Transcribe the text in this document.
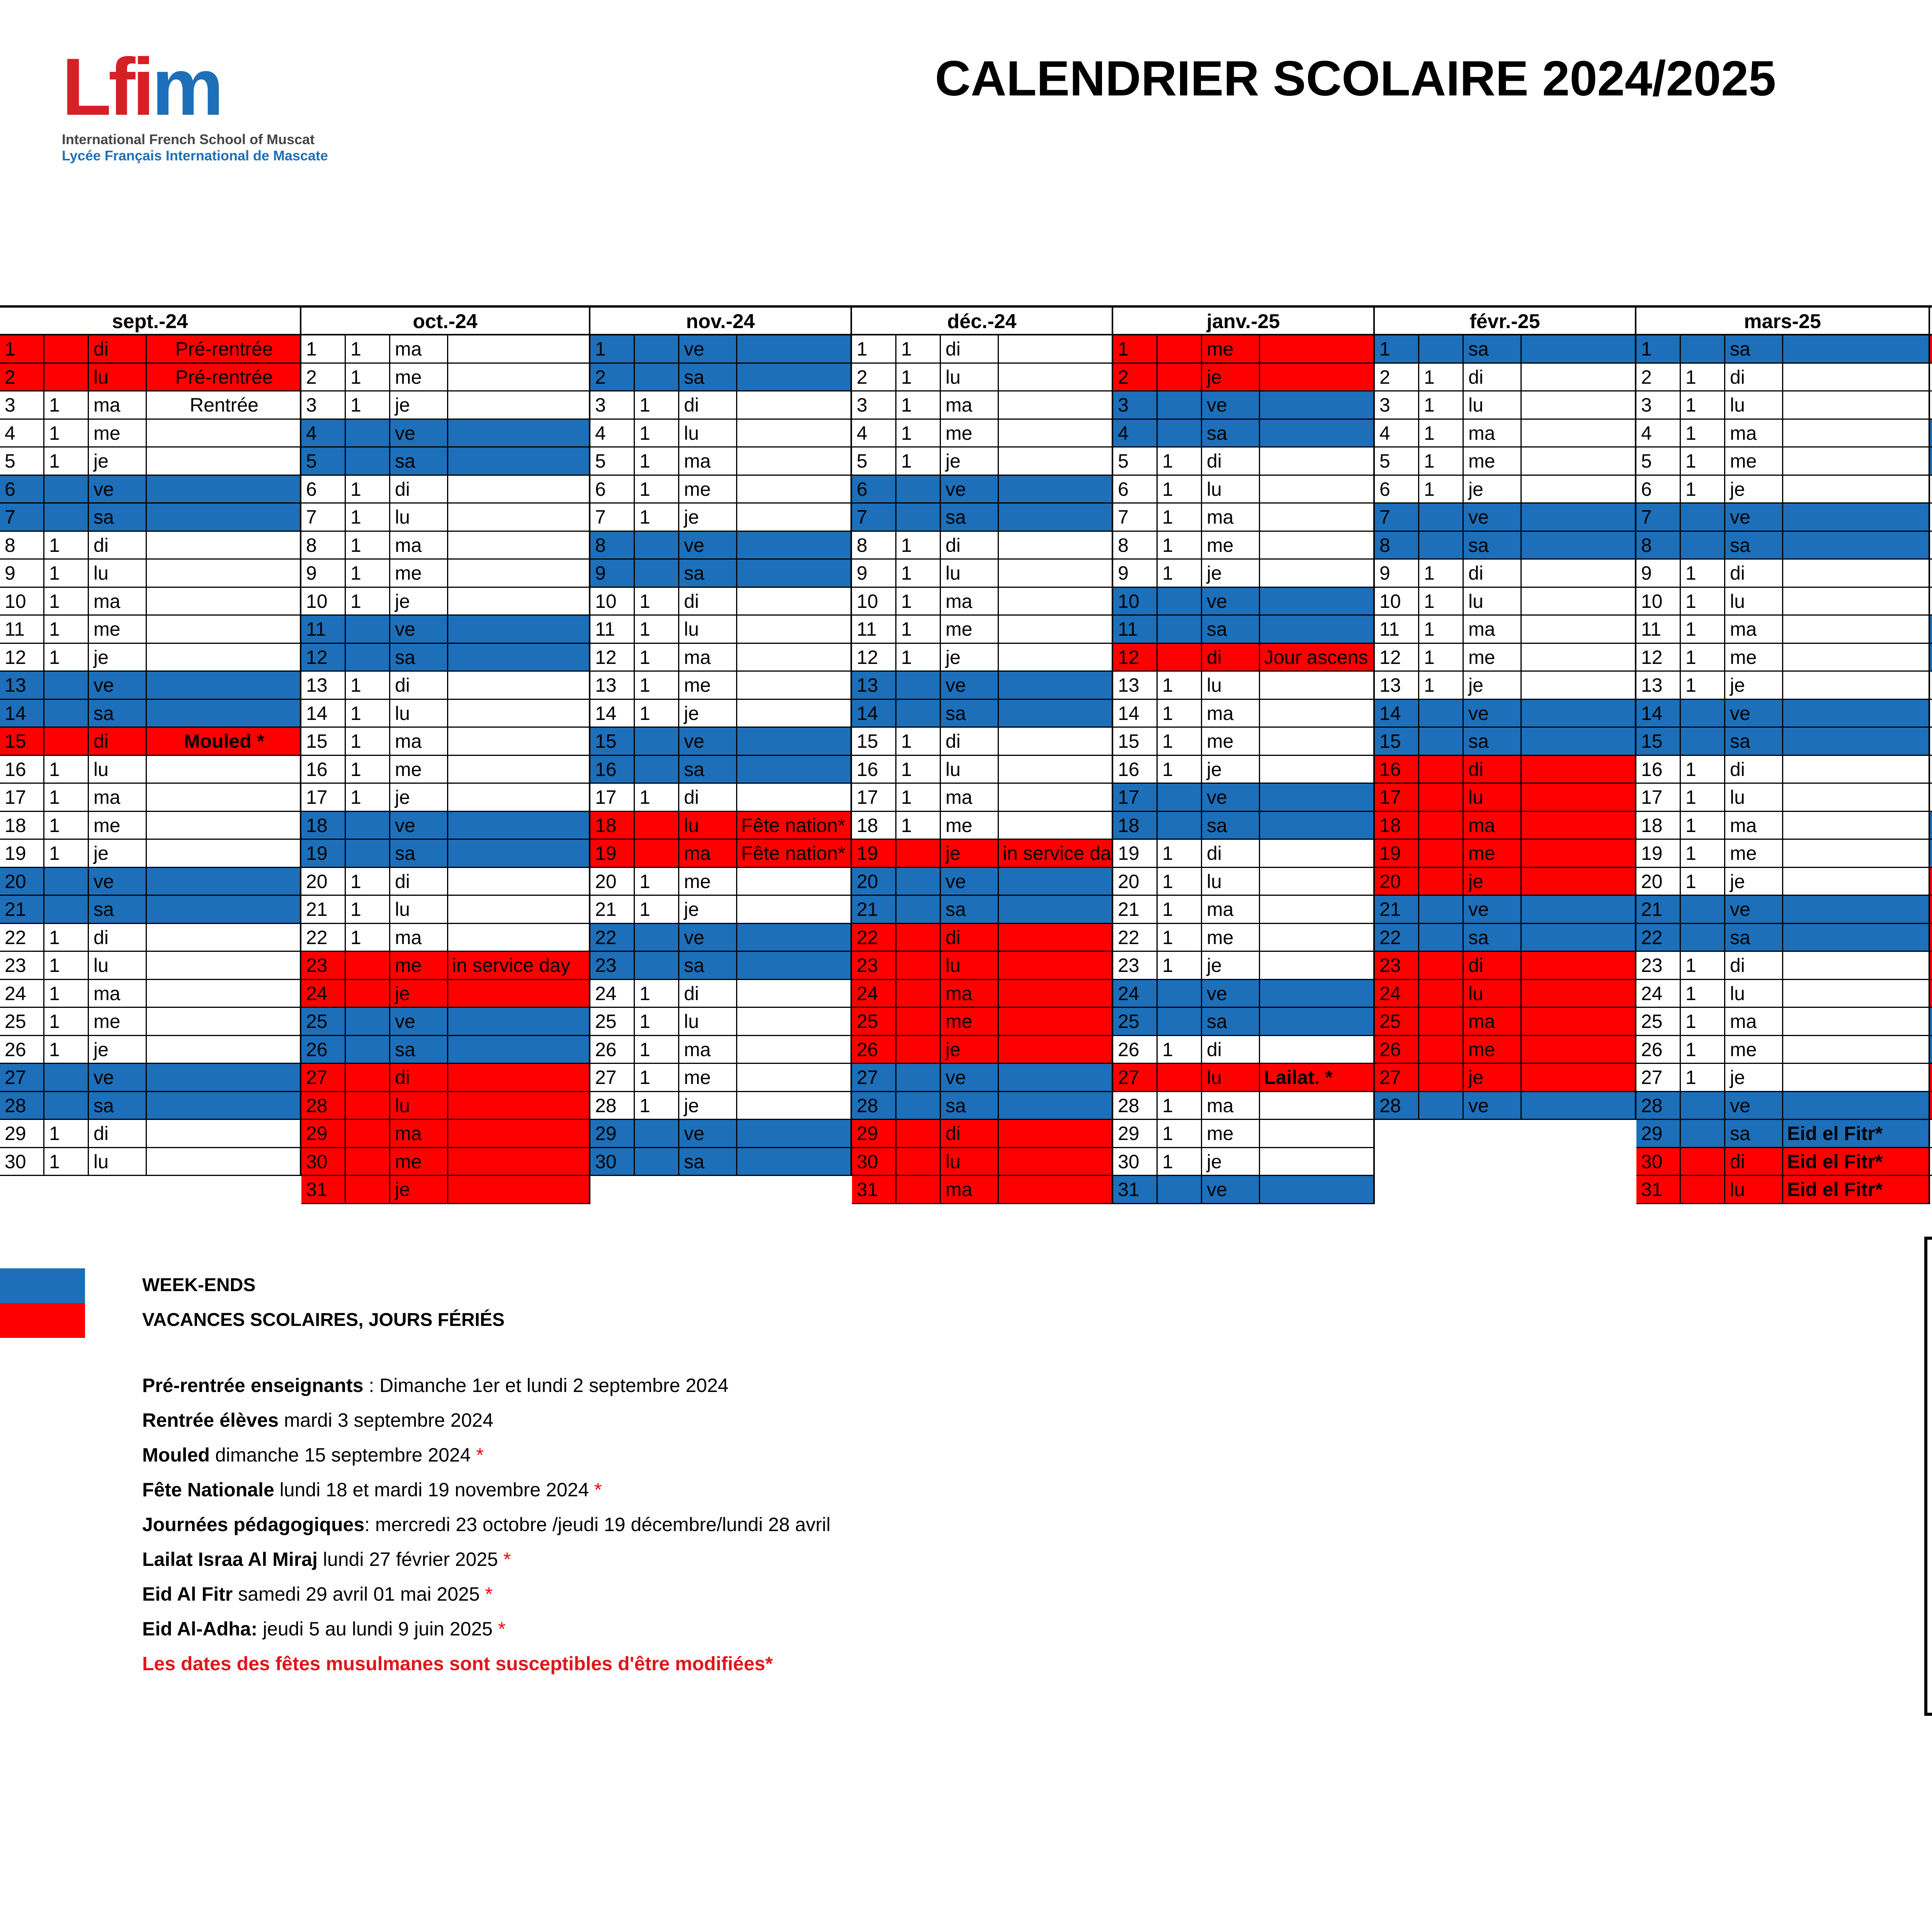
Lfim
International French School of Muscat
Lycée Français International de Mascate
CALENDRIER SCOLAIRE 2024/2025
sept.-24
1	di	Pré-rentrée
2	lu	Pré-rentrée
3	1	ma	Rentrée
4	1	me
5	1	je
6	ve
7	sa
8	1	di
9	1	lu
10	1	ma
11	1	me
12	1	je
13	ve
14	sa
15	di	Mouled *
16	1	lu
17	1	ma
18	1	me
19	1	je
20	ve
21	sa
22	1	di
23	1	lu
24	1	ma
25	1	me
26	1	je
27	ve
28	sa
29	1	di
30	1	lu
oct.-24
1	1	ma
2	1	me
3	1	je
4	ve
5	sa
6	1	di
7	1	lu
8	1	ma
9	1	me
10	1	je
11	ve
12	sa
13	1	di
14	1	lu
15	1	ma
16	1	me
17	1	je
18	ve
19	sa
20	1	di
21	1	lu
22	1	ma
23	me	in service day
24	je
25	ve
26	sa
27	di
28	lu
29	ma
30	me
31	je
nov.-24
1	ve
2	sa
3	1	di
4	1	lu
5	1	ma
6	1	me
7	1	je
8	ve
9	sa
10	1	di
11	1	lu
12	1	ma
13	1	me
14	1	je
15	ve
16	sa
17	1	di
18	lu	Fête nation*
19	ma	Fête nation*
20	1	me
21	1	je
22	ve
23	sa
24	1	di
25	1	lu
26	1	ma
27	1	me
28	1	je
29	ve
30	sa
déc.-24
1	1	di
2	1	lu
3	1	ma
4	1	me
5	1	je
6	ve
7	sa
8	1	di
9	1	lu
10	1	ma
11	1	me
12	1	je
13	ve
14	sa
15	1	di
16	1	lu
17	1	ma
18	1	me
19	je	in service da
20	ve
21	sa
22	di
23	lu
24	ma
25	me
26	je
27	ve
28	sa
29	di
30	lu
31	ma
janv.-25
1	me
2	je
3	ve
4	sa
5	1	di
6	1	lu
7	1	ma
8	1	me
9	1	je
10	ve
11	sa
12	di	Jour ascens
13	1	lu
14	1	ma
15	1	me
16	1	je
17	ve
18	sa
19	1	di
20	1	lu
21	1	ma
22	1	me
23	1	je
24	ve
25	sa
26	1	di
27	lu	Lailat. *
28	1	ma
29	1	me
30	1	je
31	ve
févr.-25
1	sa
2	1	di
3	1	lu
4	1	ma
5	1	me
6	1	je
7	ve
8	sa
9	1	di
10	1	lu
11	1	ma
12	1	me
13	1	je
14	ve
15	sa
16	di
17	lu
18	ma
19	me
20	je
21	ve
22	sa
23	di
24	lu
25	ma
26	me
27	je
28	ve
mars-25
1	sa
2	1	di
3	1	lu
4	1	ma
5	1	me
6	1	je
7	ve
8	sa
9	1	di
10	1	lu
11	1	ma
12	1	me
13	1	je
14	ve
15	sa
16	1	di
17	1	lu
18	1	ma
19	1	me
20	1	je
21	ve
22	sa
23	1	di
24	1	lu
25	1	ma
26	1	me
27	1	je
28	ve
29	sa	Eid el Fitr*
30	di	Eid el Fitr*
31	lu	Eid el Fitr*
WEEK-ENDS
VACANCES SCOLAIRES, JOURS FÉRIÉS
Pré-rentrée enseignants : Dimanche 1er et lundi 2 septembre 2024
Rentrée élèves mardi 3 septembre 2024
Mouled dimanche 15 septembre 2024 *
Fête Nationale lundi 18 et mardi 19 novembre 2024 *
Journées pédagogiques: mercredi 23 octobre /jeudi 19 décembre/lundi 28 avril
Lailat Israa Al Miraj lundi 27 février 2025 *
Eid Al Fitr samedi 29 avril 01 mai 2025 *
Eid Al-Adha: jeudi 5 au lundi 9 juin 2025 *
Les dates des fêtes musulmanes sont susceptibles d'être modifiées*
